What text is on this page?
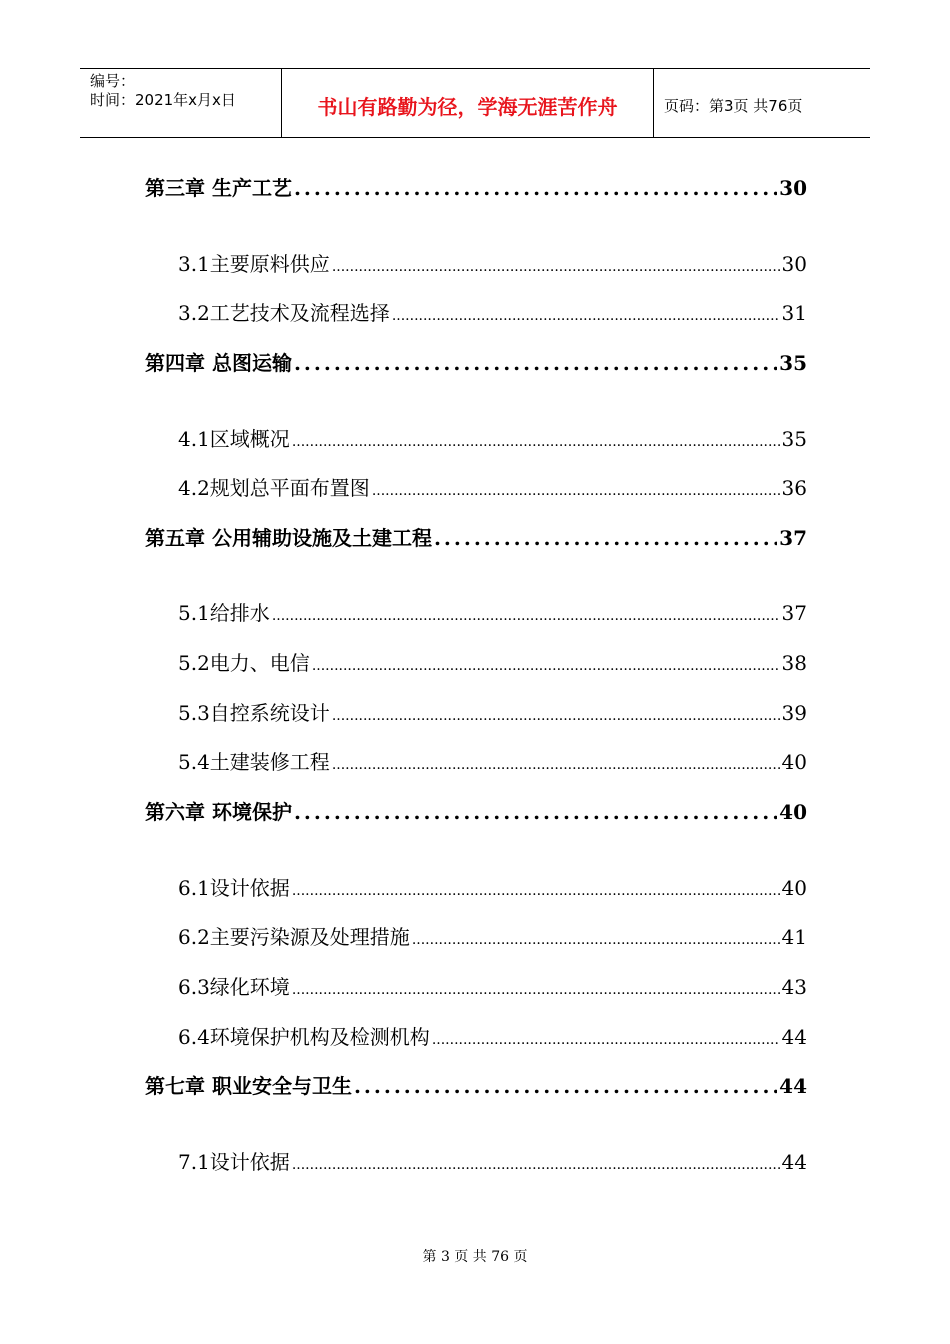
编号：
时间：2021年x月x日	书山有路勤为径，学海无涯苦作舟	页码：第3页 共76页
第三章 生产工艺 .....	30
3.1主要原料供应 .....	30
3.2工艺技术及流程选择 .....	31
第四章 总图运输 .....	35
4.1区域概况 .....	35
4.2规划总平面布置图 .....	36
第五章 公用辅助设施及土建工程 .....	37
5.1给排水 .....	37
5.2电力、电信 .....	38
5.3自控系统设计 .....	39
5.4土建装修工程 .....	40
第六章 环境保护 .....	40
6.1设计依据 .....	40
6.2主要污染源及处理措施 .....	41
6.3绿化环境 .....	43
6.4环境保护机构及检测机构 .....	44
第七章 职业安全与卫生 .....	44
7.1设计依据 .....	44
第 3 页 共 76 页
